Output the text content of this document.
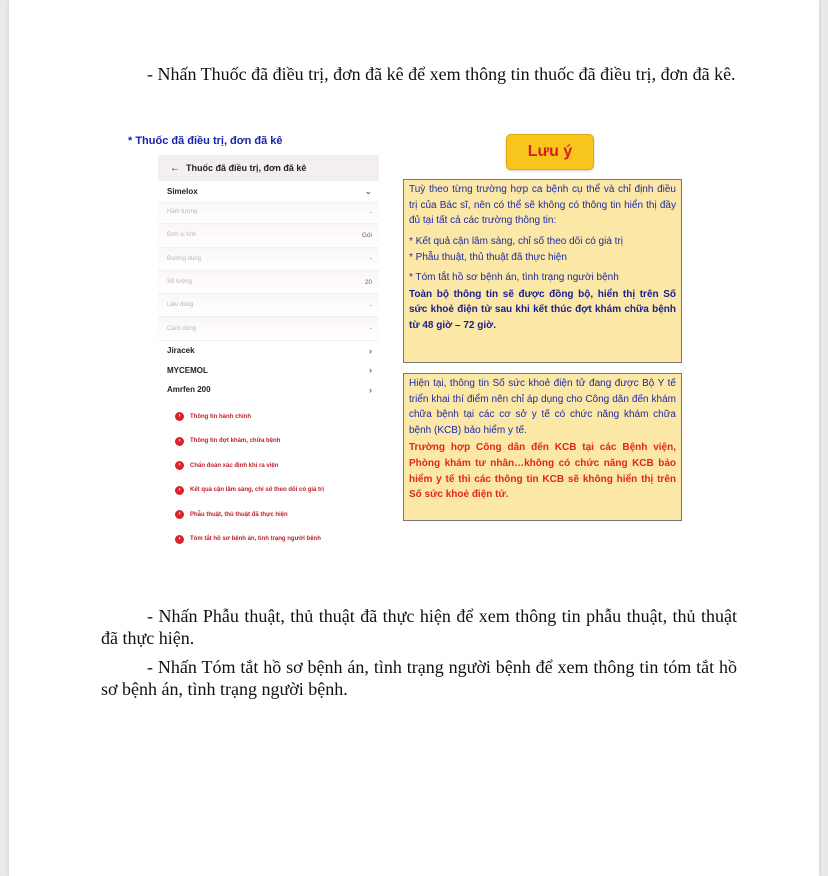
- Nhấn Thuốc đã điều trị, đơn đã kê để xem thông tin thuốc đã điều trị, đơn đã kê.

* Thuốc đã điều trị, đơn đã kê
← Thuốc đã điều trị, đơn đã kê
Simelox	⌄
Hàm lượng	-
Đơn vị tính	Gói
Đường dùng	-
Số lượng	20
Liều dùng	-
Cách dùng	-
Jiracek	›
MYCEMOL	›
Amrfen 200	›
›	Thông tin hành chính
›	Thông tin đợt khám, chữa bệnh
›	Chẩn đoán xác định khi ra viện
›	Kết quả cận lâm sàng, chỉ số theo dõi có giá trị
›	Phẫu thuật, thủ thuật đã thực hiện
›	Tóm tắt hồ sơ bệnh án, tình trạng người bệnh
Lưu ý

Tuỳ theo từng trường hợp ca bệnh cụ thể và chỉ định điều trị của Bác sĩ, nên có thể sẽ không có thông tin hiển thị đầy đủ tại tất cả các trường thông tin:

* Kết quả cận lâm sàng, chỉ số theo dõi có giá trị

* Phẫu thuật, thủ thuật đã thực hiện

* Tóm tắt hồ sơ bệnh án, tình trạng người bệnh

Toàn bộ thông tin sẽ được đồng bộ, hiển thị trên Số sức khoẻ điện tử sau khi kết thúc đợt khám chữa bệnh từ 48 giờ – 72 giờ.

Hiện tại, thông tin Số sức khoẻ điện tử đang được Bộ Y tế triển khai thí điểm nên chỉ áp dụng cho Công dân đến khám chữa bệnh tại các cơ sở y tế có chức năng khám chữa bệnh (KCB) bảo hiểm y tế.

Trường hợp Công dân đến KCB tại các Bệnh viện, Phòng khám tư nhân…không có chức năng KCB bảo hiểm y tế thì các thông tin KCB sẽ không hiển thị trên Số sức khoẻ điện tử.

- Nhấn Phẫu thuật, thủ thuật đã thực hiện để xem thông tin phẫu thuật, thủ thuật đã thực hiện.

- Nhấn Tóm tắt hồ sơ bệnh án, tình trạng người bệnh để xem thông tin tóm tắt hồ sơ bệnh án, tình trạng người bệnh.
